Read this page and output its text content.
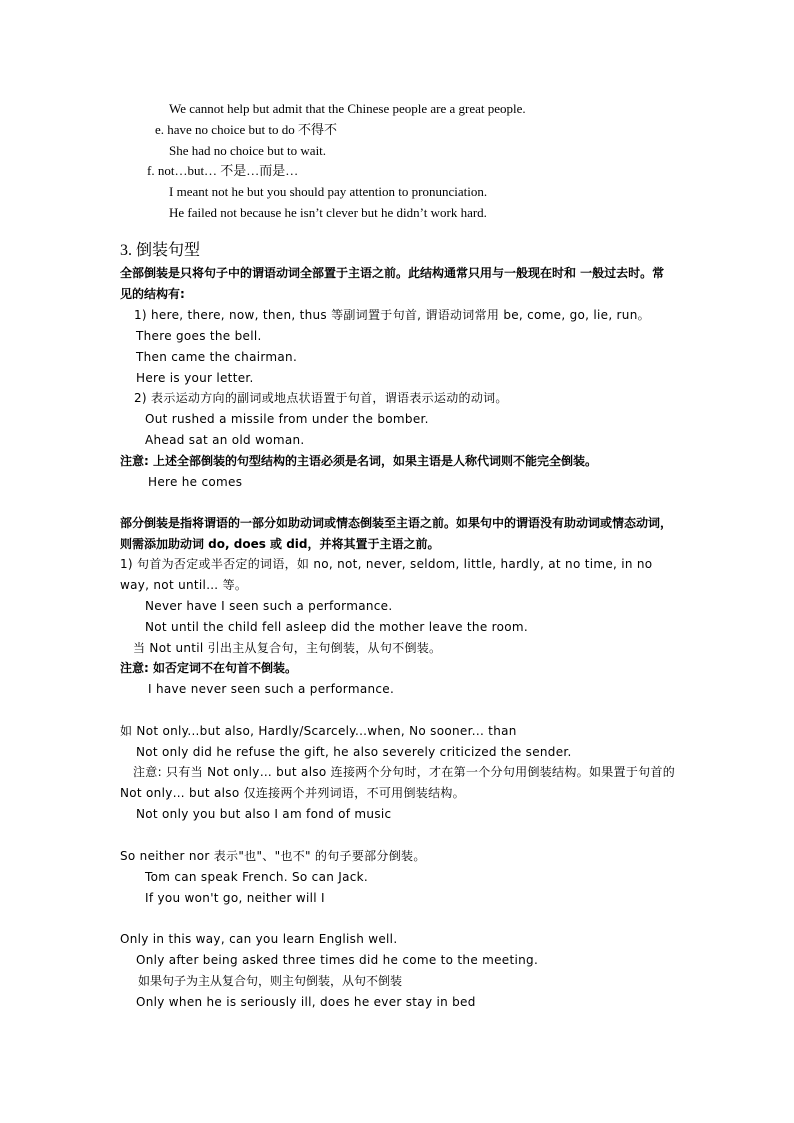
We cannot help but admit that the Chinese people are a great people.
e. have no choice but to do 不得不
She had no choice but to wait.
f. not…but… 不是…而是…
I meant not he but you should pay attention to pronunciation.
He failed not because he isn’t clever but he didn’t work hard.
3. 倒装句型
全部倒装是只将句子中的谓语动词全部置于主语之前。此结构通常只用与一般现在时和 一般过去时。常
见的结构有:
1) here, there, now, then, thus 等副词置于句首, 谓语动词常用 be, come, go, lie, run。
There goes the bell.
Then came the chairman.
Here is your letter.
2) 表示运动方向的副词或地点状语置于句首，谓语表示运动的动词。
Out rushed a missile from under the bomber.
Ahead sat an old woman.
注意: 上述全部倒装的句型结构的主语必须是名词，如果主语是人称代词则不能完全倒装。
Here he comes
部分倒装是指将谓语的一部分如助动词或情态倒装至主语之前。如果句中的谓语没有助动词或情态动词，
则需添加助动词 do, does 或 did，并将其置于主语之前。
1) 句首为否定或半否定的词语，如 no, not, never, seldom, little, hardly, at no time, in no
way, not until… 等。
Never have I seen such a performance.
Not until the child fell asleep did the mother leave the room.
当 Not until 引出主从复合句，主句倒装，从句不倒装。
注意: 如否定词不在句首不倒装。
I have never seen such a performance.
如 Not only...but also, Hardly/Scarcely...when, No sooner... than
Not only did he refuse the gift, he also severely criticized the sender.
注意: 只有当 Not only… but also 连接两个分句时，才在第一个分句用倒装结构。如果置于句首的
Not only… but also 仅连接两个并列词语，不可用倒装结构。
Not only you but also I am fond of music
So neither nor 表示"也"、"也不" 的句子要部分倒装。
Tom can speak French. So can Jack.
If you won't go, neither will I
Only in this way, can you learn English well.
Only after being asked three times did he come to the meeting.
如果句子为主从复合句，则主句倒装，从句不倒装
Only when he is seriously ill, does he ever stay in bed
